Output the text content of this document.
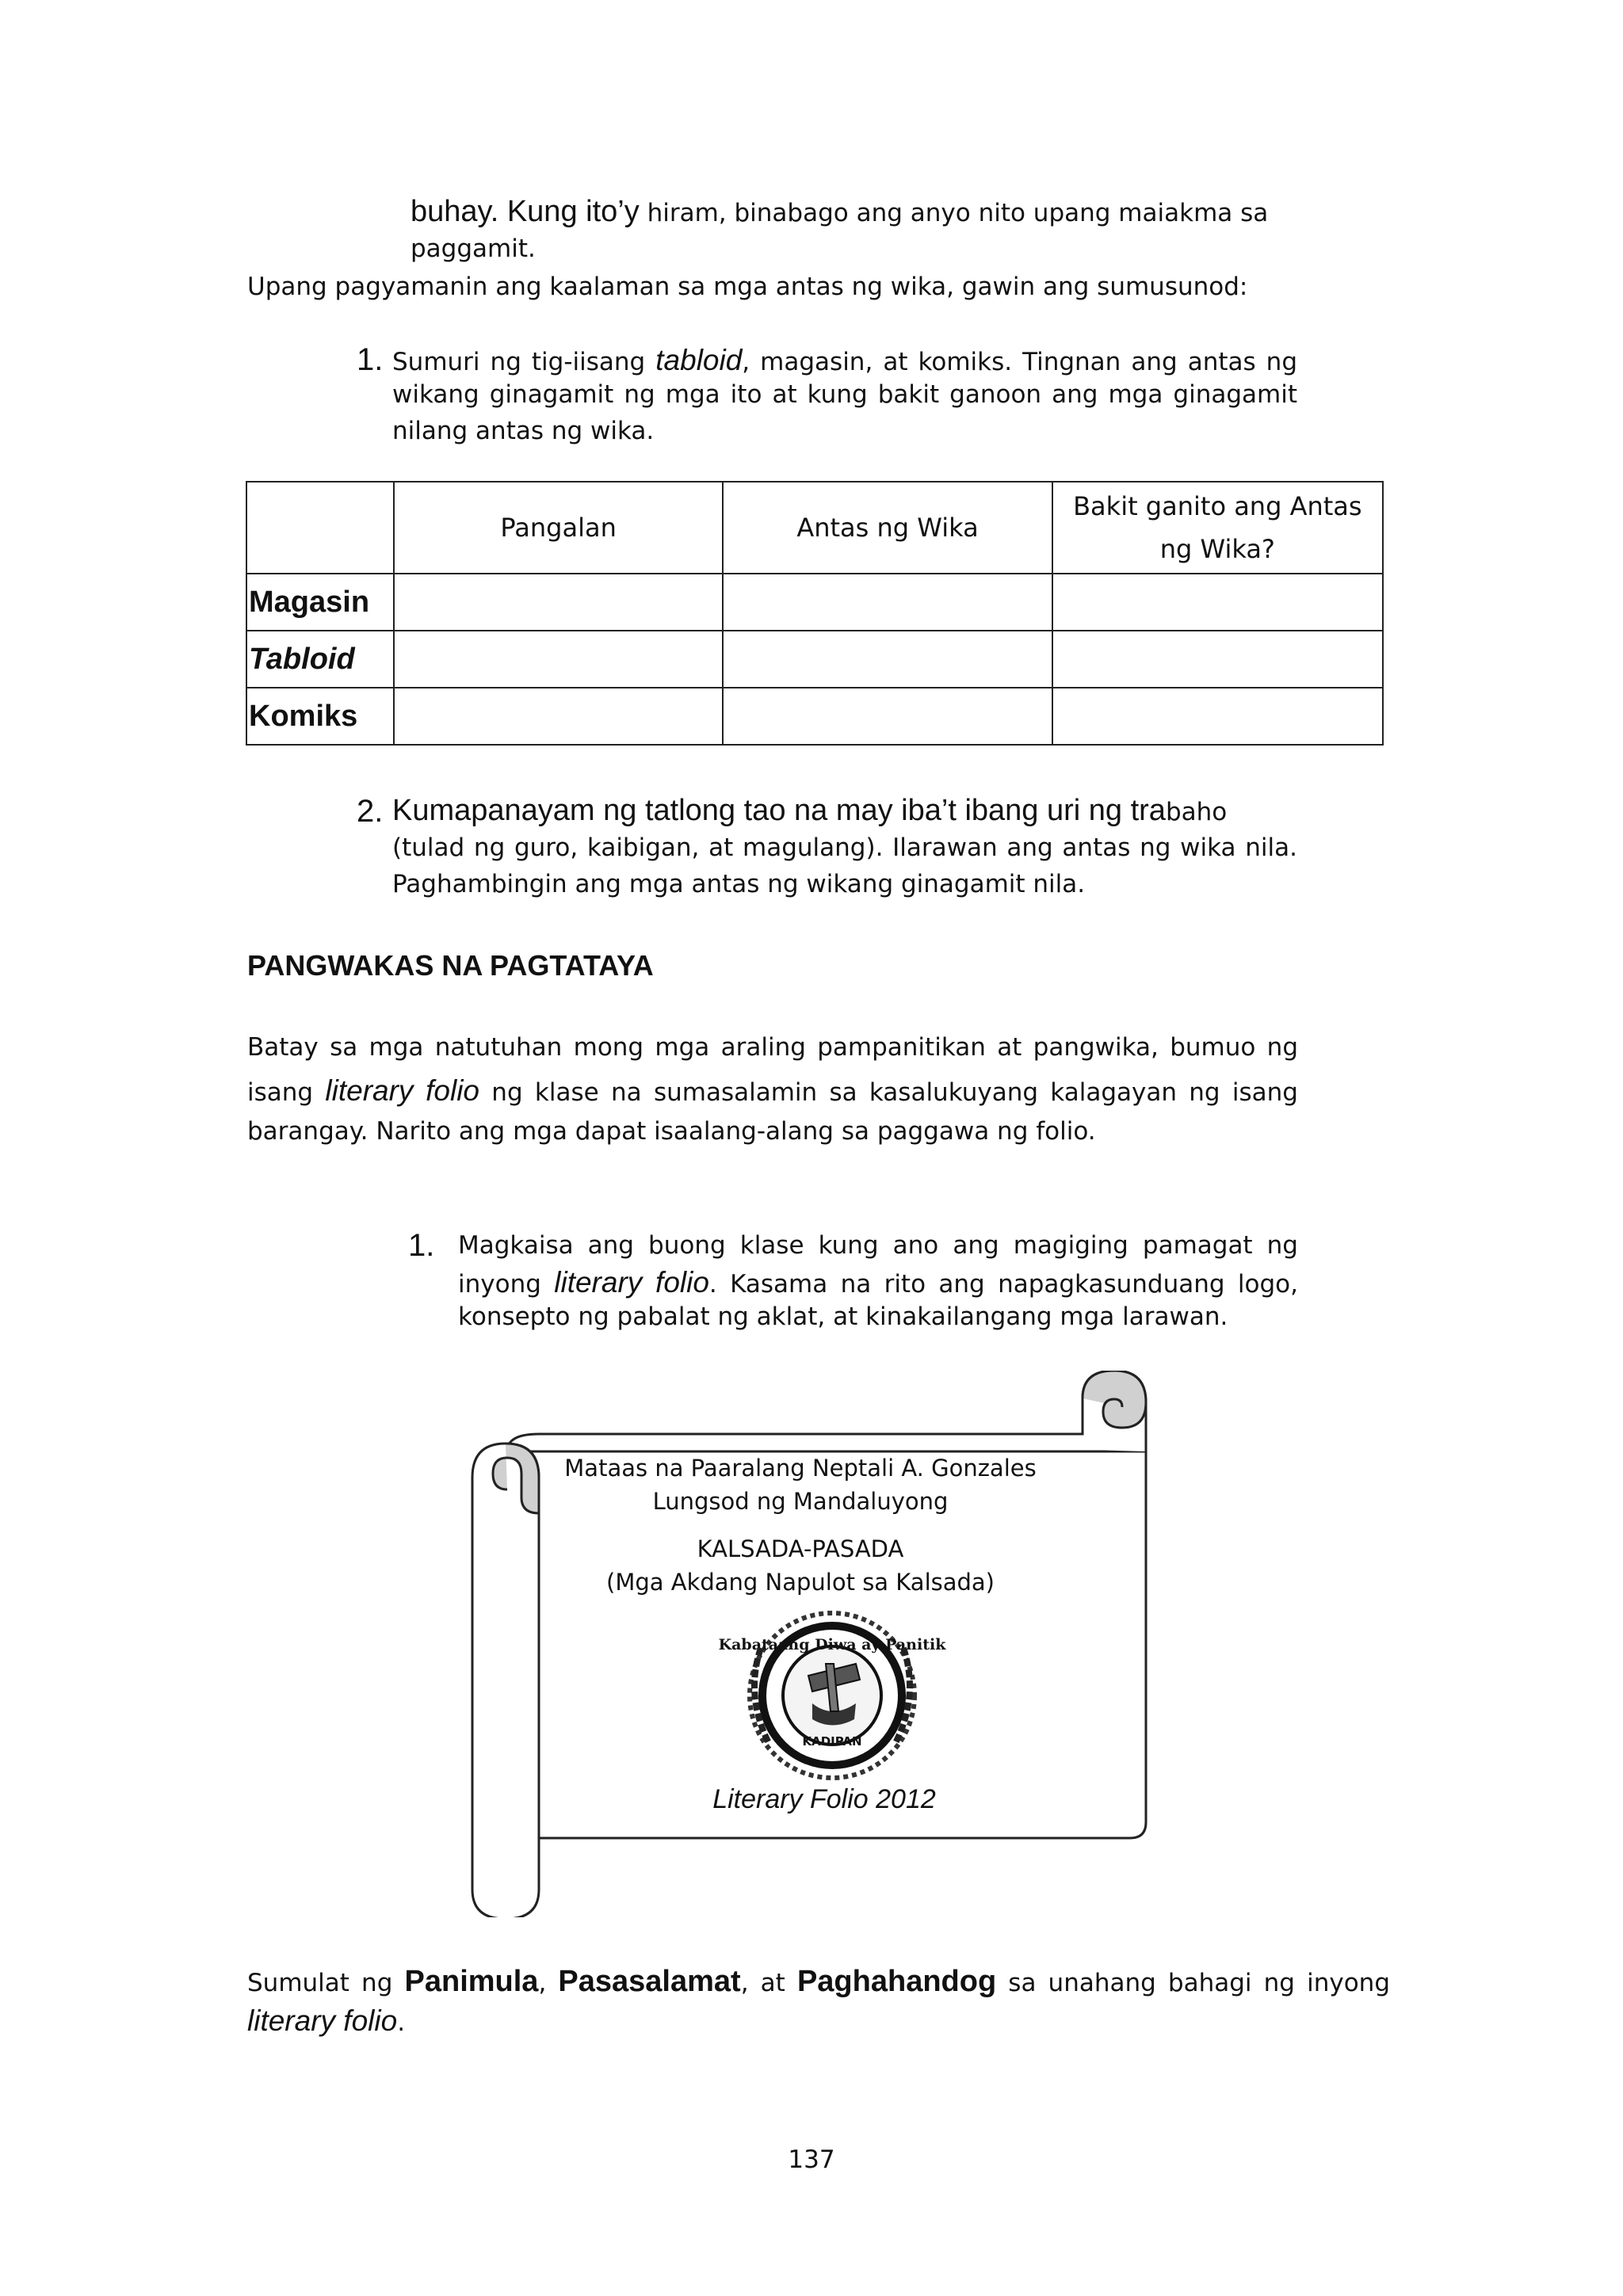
buhay. Kung ito’y hiram, binabago ang anyo nito upang maiakma sa
paggamit.
Upang pagyamanin ang kaalaman sa mga antas ng wika, gawin ang sumusunod:
1. Sumuri ng tig-iisang tabloid, magasin, at komiks. Tingnan ang antas ng
wikang ginagamit ng mga ito at kung bakit ganoon ang mga ginagamit
nilang antas ng wika.
	Pangalan	Antas ng Wika	Bakit ganito ang Antas ng Wika?
Magasin			
Tabloid			
Komiks			
2. Kumapanayam ng tatlong tao na may iba’t ibang uri ng trabaho
(tulad ng guro, kaibigan, at magulang). Ilarawan ang antas ng wika nila.
Paghambingin ang mga antas ng wikang ginagamit nila.
PANGWAKAS NA PAGTATAYA
Batay sa mga natutuhan mong mga araling pampanitikan at pangwika, bumuo ng
isang literary folio ng klase na sumasalamin sa kasalukuyang kalagayan ng isang
barangay. Narito ang mga dapat isaalang-alang sa paggawa ng folio.
1. Magkaisa ang buong klase kung ano ang magiging pamagat ng
inyong literary folio. Kasama na rito ang napagkasunduang logo,
konsepto ng pabalat ng aklat, at kinakailangang mga larawan.
Kabataang Diwa ay Panitik
KADIPAN
Mataas na Paaralang Neptali A. Gonzales
Lungsod ng Mandaluyong
KALSADA-PASADA
(Mga Akdang Napulot sa Kalsada)
Literary Folio 2012
Sumulat ng Panimula, Pasasalamat, at Paghahandog sa unahang bahagi ng inyong
literary folio.
137
